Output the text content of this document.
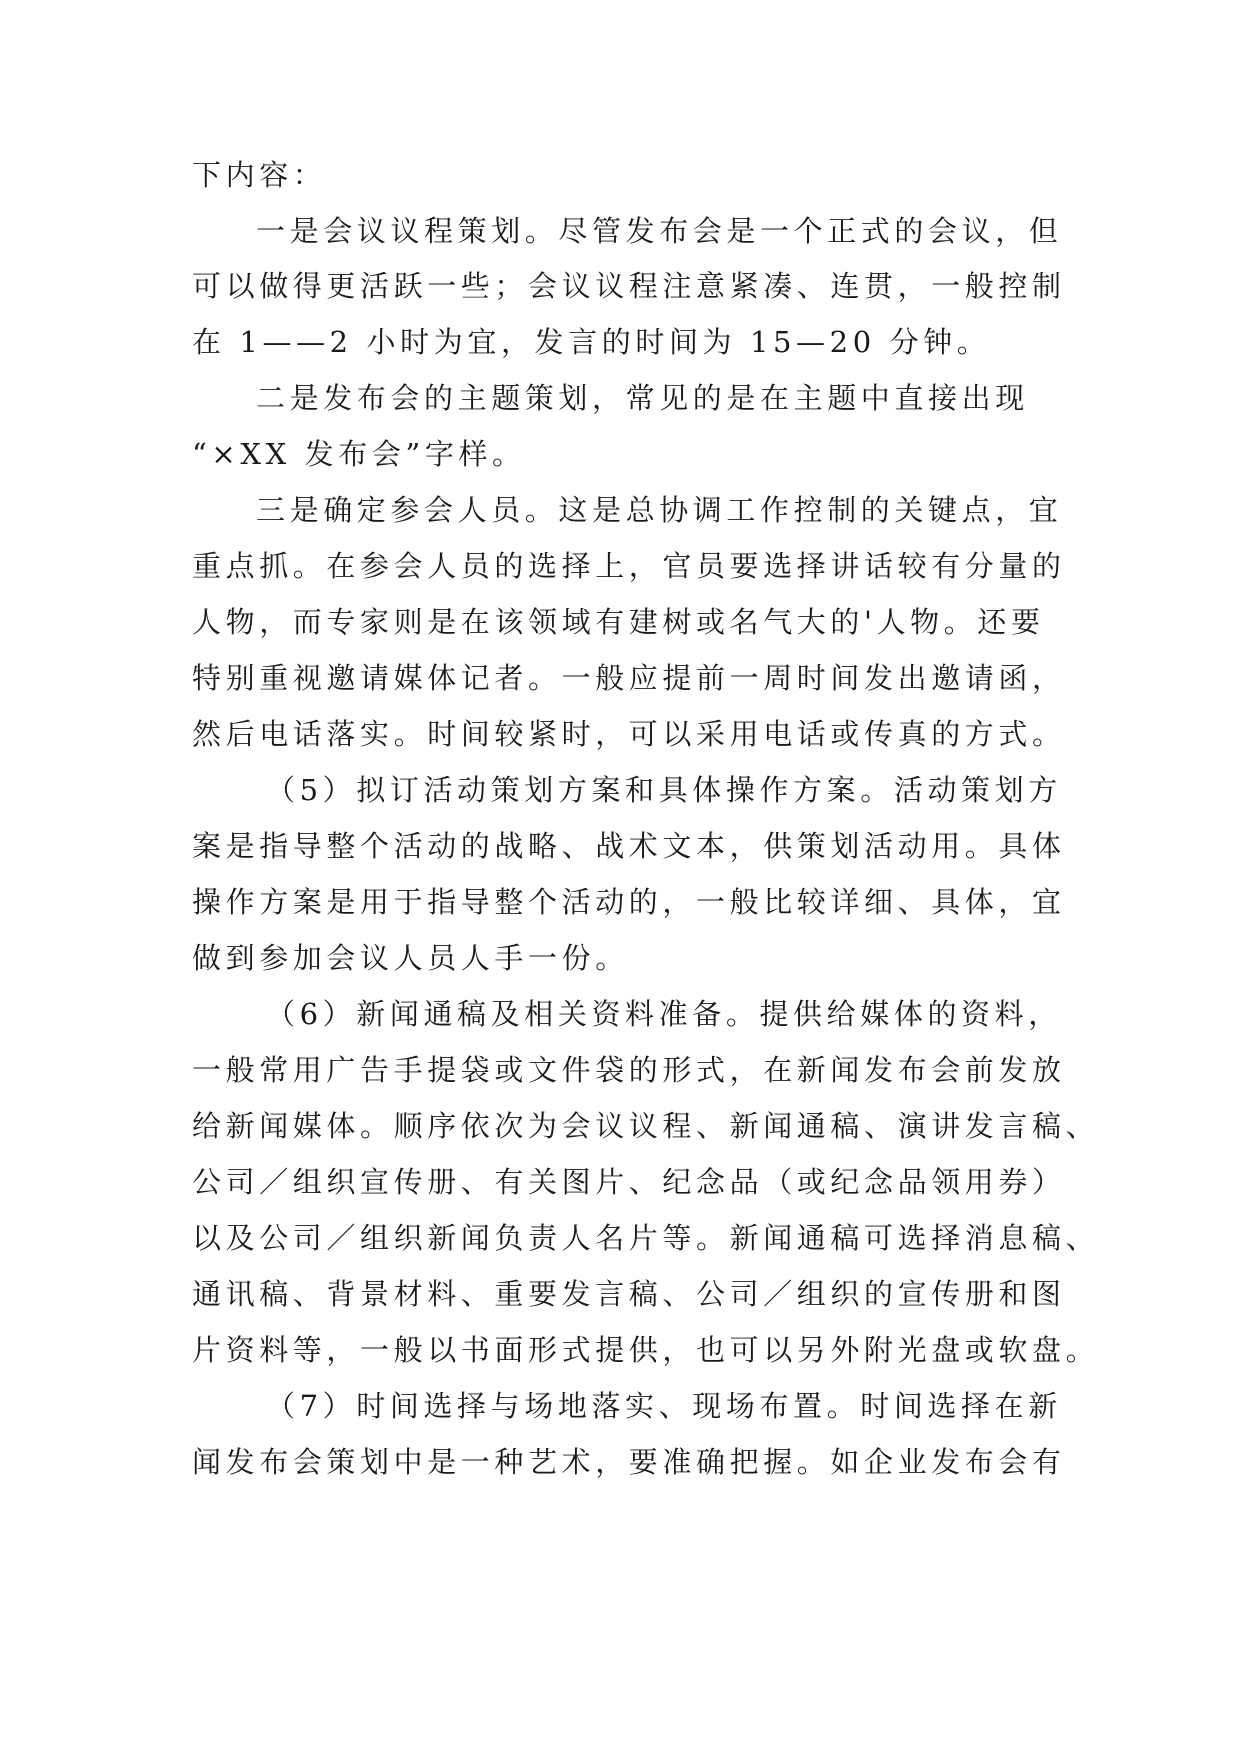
下内容：
一是会议议程策划。尽管发布会是一个正式的会议，但
可以做得更活跃一些；会议议程注意紧凑、连贯，一般控制
在 1——2 小时为宜，发言的时间为 15—20 分钟。
二是发布会的主题策划，常见的是在主题中直接出现
“×XX 发布会”字样。
三是确定参会人员。这是总协调工作控制的关键点，宜
重点抓。在参会人员的选择上，官员要选择讲话较有分量的
人物，而专家则是在该领域有建树或名气大的'人物。还要
特别重视邀请媒体记者。一般应提前一周时间发出邀请函，
然后电话落实。时间较紧时，可以采用电话或传真的方式。
（5）拟订活动策划方案和具体操作方案。活动策划方
案是指导整个活动的战略、战术文本，供策划活动用。具体
操作方案是用于指导整个活动的，一般比较详细、具体，宜
做到参加会议人员人手一份。
（6）新闻通稿及相关资料准备。提供给媒体的资料，
一般常用广告手提袋或文件袋的形式，在新闻发布会前发放
给新闻媒体。顺序依次为会议议程、新闻通稿、演讲发言稿、
公司／组织宣传册、有关图片、纪念品（或纪念品领用券）
以及公司／组织新闻负责人名片等。新闻通稿可选择消息稿、
通讯稿、背景材料、重要发言稿、公司／组织的宣传册和图
片资料等，一般以书面形式提供，也可以另外附光盘或软盘。
（7）时间选择与场地落实、现场布置。时间选择在新
闻发布会策划中是一种艺术，要准确把握。如企业发布会有
